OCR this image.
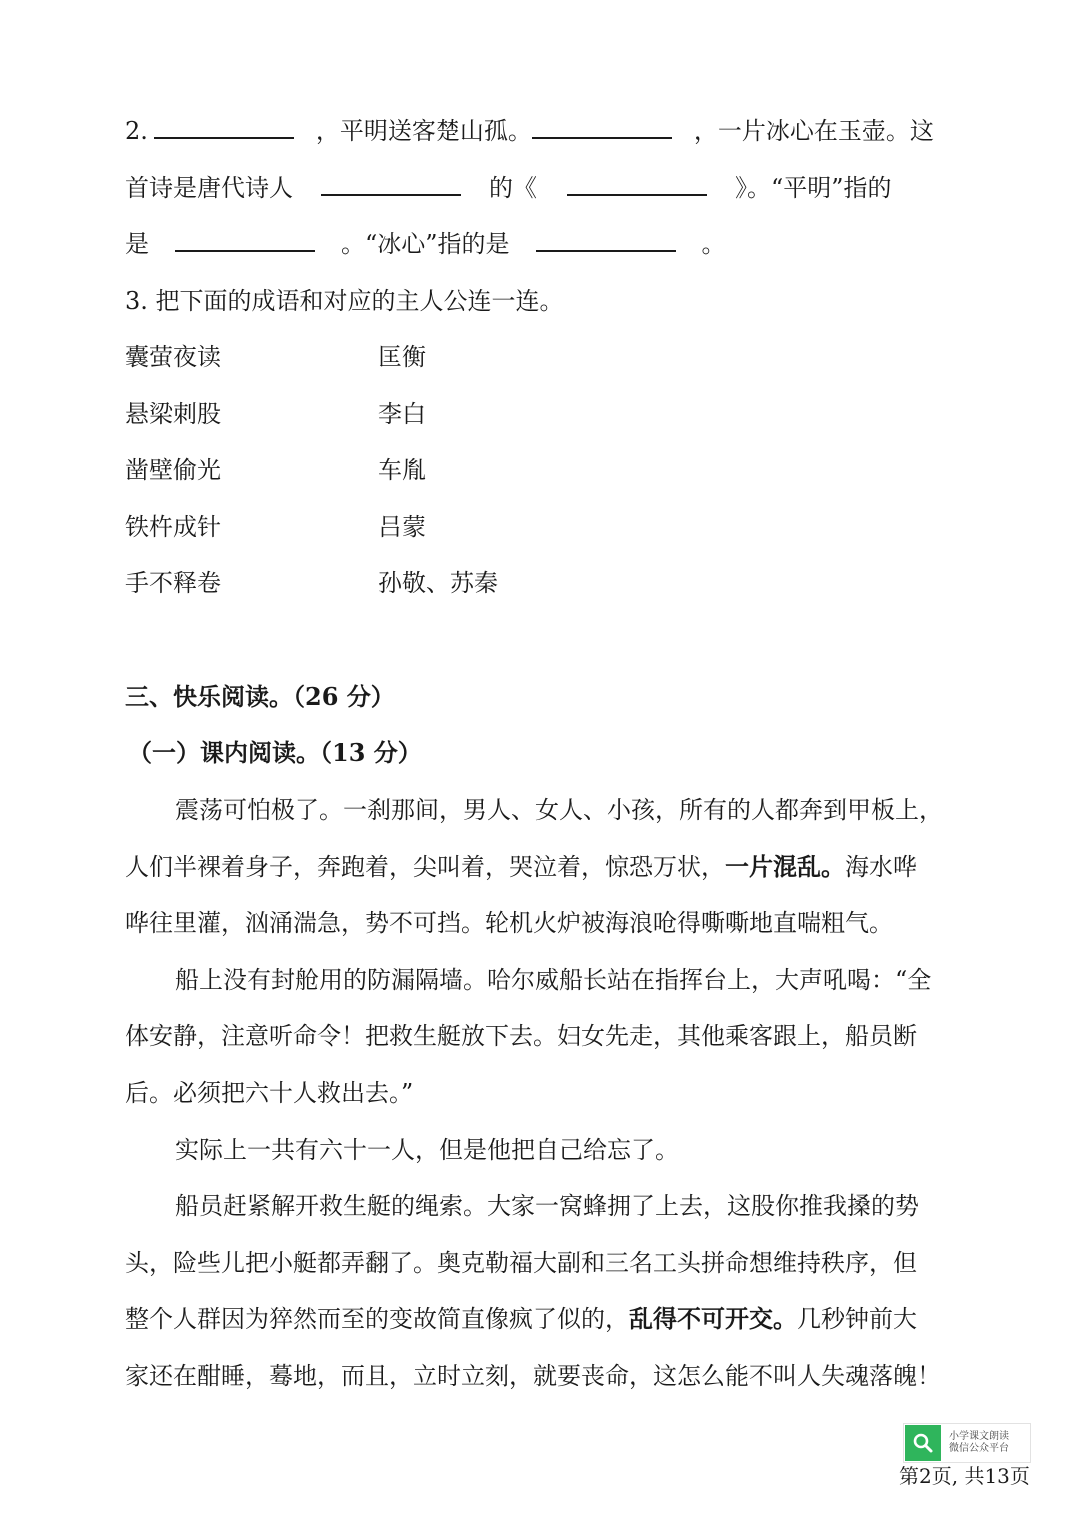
2.	，平明送客楚山孤。	，一片冰心在玉壶。这
首诗是唐代诗人	的《	》。“平明”指的
是	。“冰心”指的是	。
3. 把下面的成语和对应的主人公连一连。
囊萤夜读	匡衡
悬梁刺股	李白
凿壁偷光	车胤
铁杵成针	吕蒙
手不释卷	孙敬、苏秦
三、快乐阅读。（26 分）
（一）课内阅读。（13 分）
震荡可怕极了。一刹那间，男人、女人、小孩，所有的人都奔到甲板上，
人们半裸着身子，奔跑着，尖叫着，哭泣着，惊恐万状，一片混乱。海水哗
哗往里灌，汹涌湍急，势不可挡。轮机火炉被海浪呛得嘶嘶地直喘粗气。
船上没有封舱用的防漏隔墙。哈尔威船长站在指挥台上，大声吼喝：“全
体安静，注意听命令！把救生艇放下去。妇女先走，其他乘客跟上，船员断
后。必须把六十人救出去。”
实际上一共有六十一人，但是他把自己给忘了。
船员赶紧解开救生艇的绳索。大家一窝蜂拥了上去，这股你推我搡的势
头，险些儿把小艇都弄翻了。奥克勒福大副和三名工头拼命想维持秩序，但
整个人群因为猝然而至的变故简直像疯了似的，乱得不可开交。几秒钟前大
家还在酣睡，蓦地，而且，立时立刻，就要丧命，这怎么能不叫人失魂落魄！
小学课文朗读
微信公众平台
第2页, 共13页
